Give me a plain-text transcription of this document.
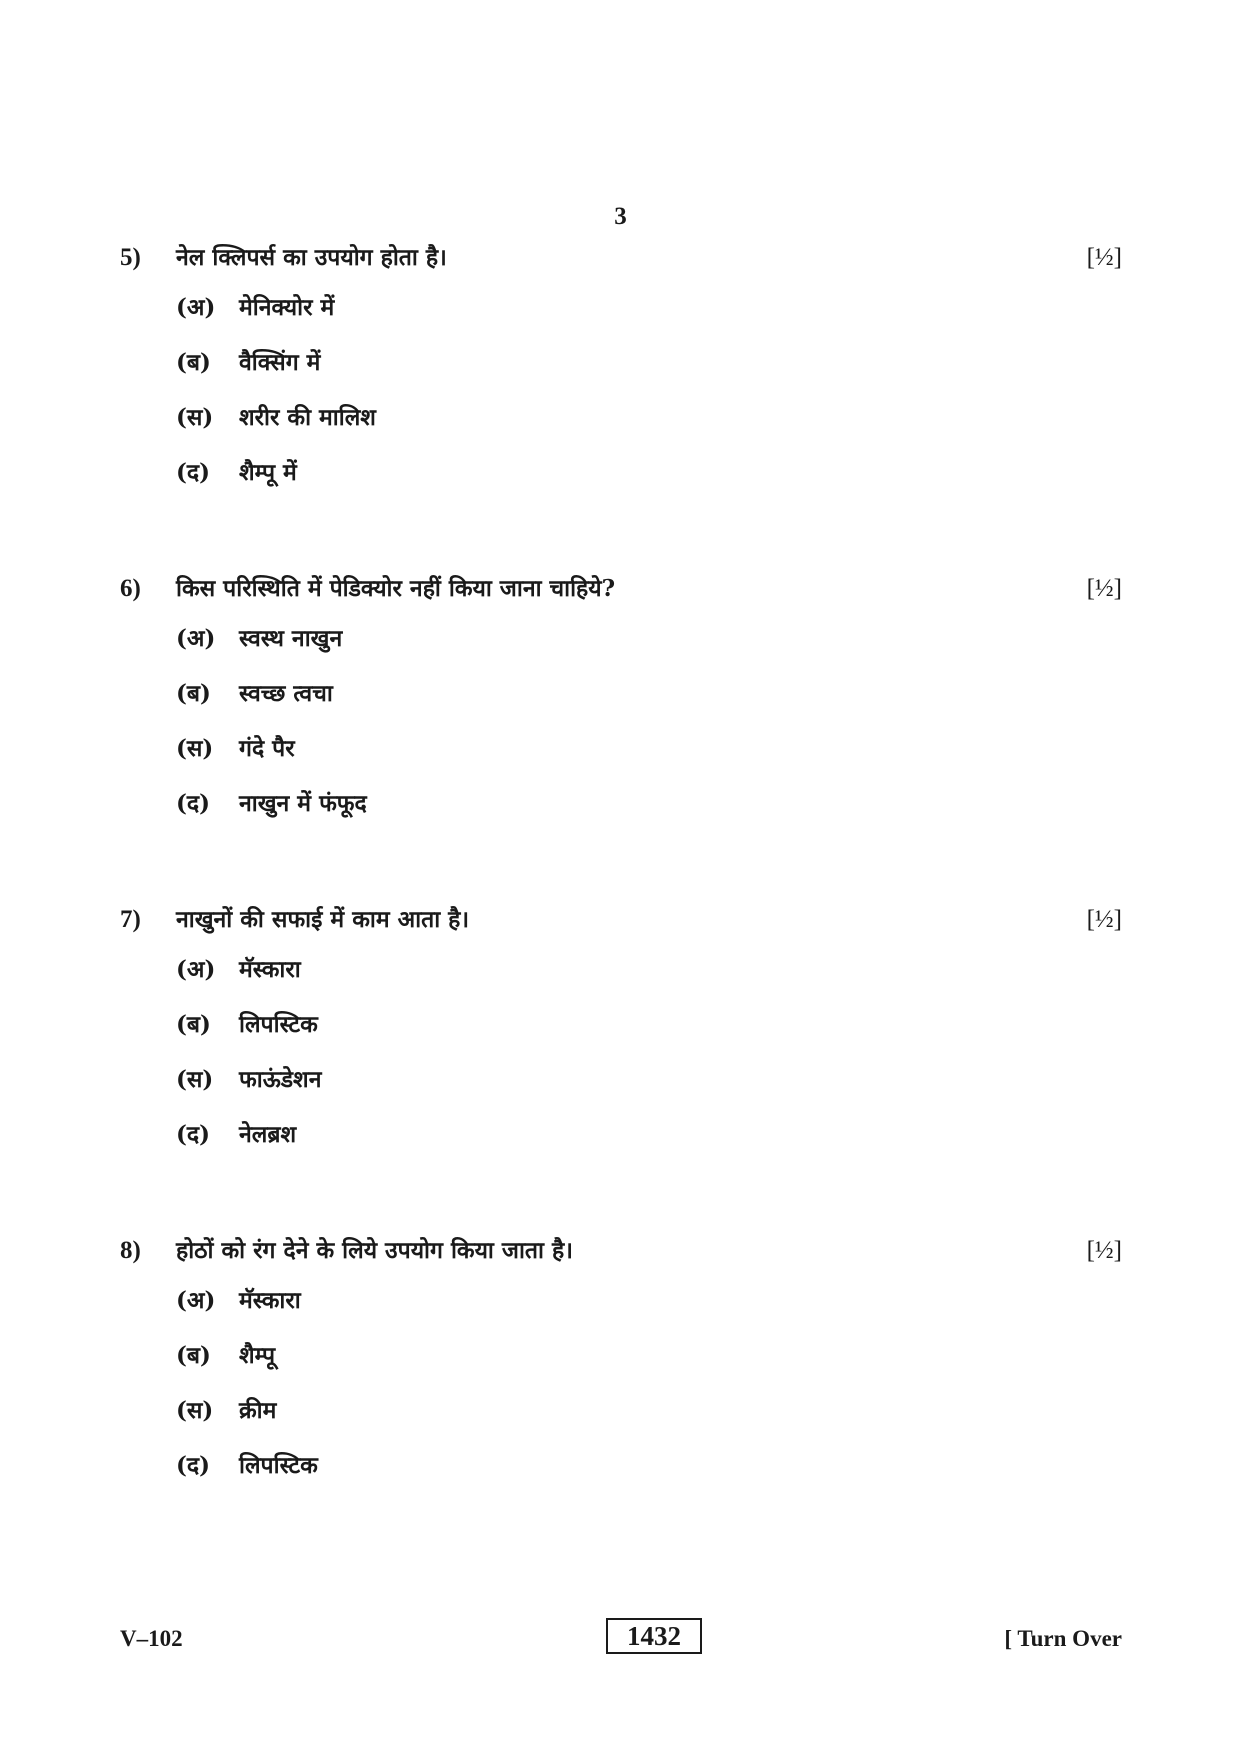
3
5)	नेल क्लिपर्स का उपयोग होता है।	[½]
(अ)	मेनिक्योर में
(ब)	वैक्सिंग में
(स)	शरीर की मालिश
(द)	शैम्पू में
6)	किस परिस्थिति में पेडिक्योर नहीं किया जाना चाहिये?	[½]
(अ)	स्वस्थ नाखुन
(ब)	स्वच्छ त्वचा
(स)	गंदे पैर
(द)	नाखुन में फंफूद
7)	नाखुनों की सफाई में काम आता है।	[½]
(अ)	मॅस्कारा
(ब)	लिपस्टिक
(स)	फाऊंडेशन
(द)	नेलब्रश
8)	होठों को रंग देने के लिये उपयोग किया जाता है।	[½]
(अ)	मॅस्कारा
(ब)	शैम्पू
(स)	क्रीम
(द)	लिपस्टिक
V–102	1432	[ Turn Over
